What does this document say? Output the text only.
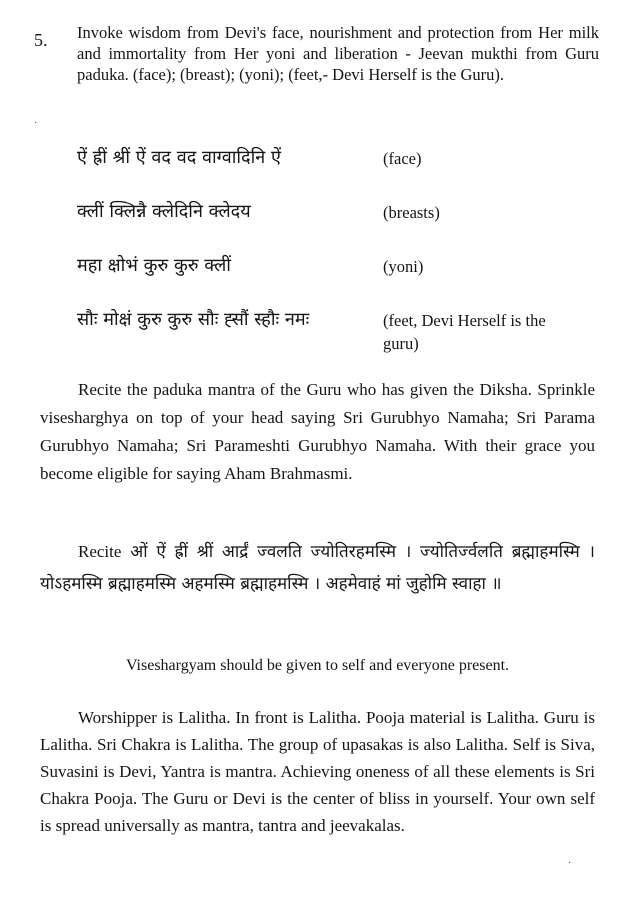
5. Invoke wisdom from Devi's face, nourishment and protection from Her milk and immortality from Her yoni and liberation - Jeevan mukthi from Guru paduka. (face); (breast); (yoni); (feet,- Devi Herself is the Guru).
·
ऐं ह्रीं श्रीं ऐं वद वद वाग्वादिनि ऐं	(face)
क्लीं क्लिन्नै क्लेदिनि क्लेदय	(breasts)
महा क्षोभं कुरु कुरु क्लीं	(yoni)
सौः मोक्षं कुरु कुरु सौः ह्सौं स्हौः नमः	(feet, Devi Herself is the guru)

Recite the paduka mantra of the Guru who has given the Diksha. Sprinkle visesharghya on top of your head saying Sri Gurubhyo Namaha; Sri Parama Gurubhyo Namaha; Sri Parameshti Gurubhyo Namaha. With their grace you become eligible for saying Aham Brahmasmi.

Recite ओं ऐं ह्रीं श्रीं आर्द्रं ज्वलति ज्योतिरहमस्मि । ज्योतिर्ज्वलति ब्रह्माहमस्मि । योऽहमस्मि ब्रह्माहमस्मि अहमस्मि ब्रह्माहमस्मि । अहमेवाहं मां जुहोमि स्वाहा ॥

Viseshargyam should be given to self and everyone present.

Worshipper is Lalitha. In front is Lalitha. Pooja material is Lalitha. Guru is Lalitha. Sri Chakra is Lalitha. The group of upasakas is also Lalitha. Self is Siva, Suvasini is Devi, Yantra is mantra. Achieving oneness of all these elements is Sri Chakra Pooja. The Guru or Devi is the center of bliss in yourself. Your own self is spread universally as mantra, tantra and jeevakalas.

·
